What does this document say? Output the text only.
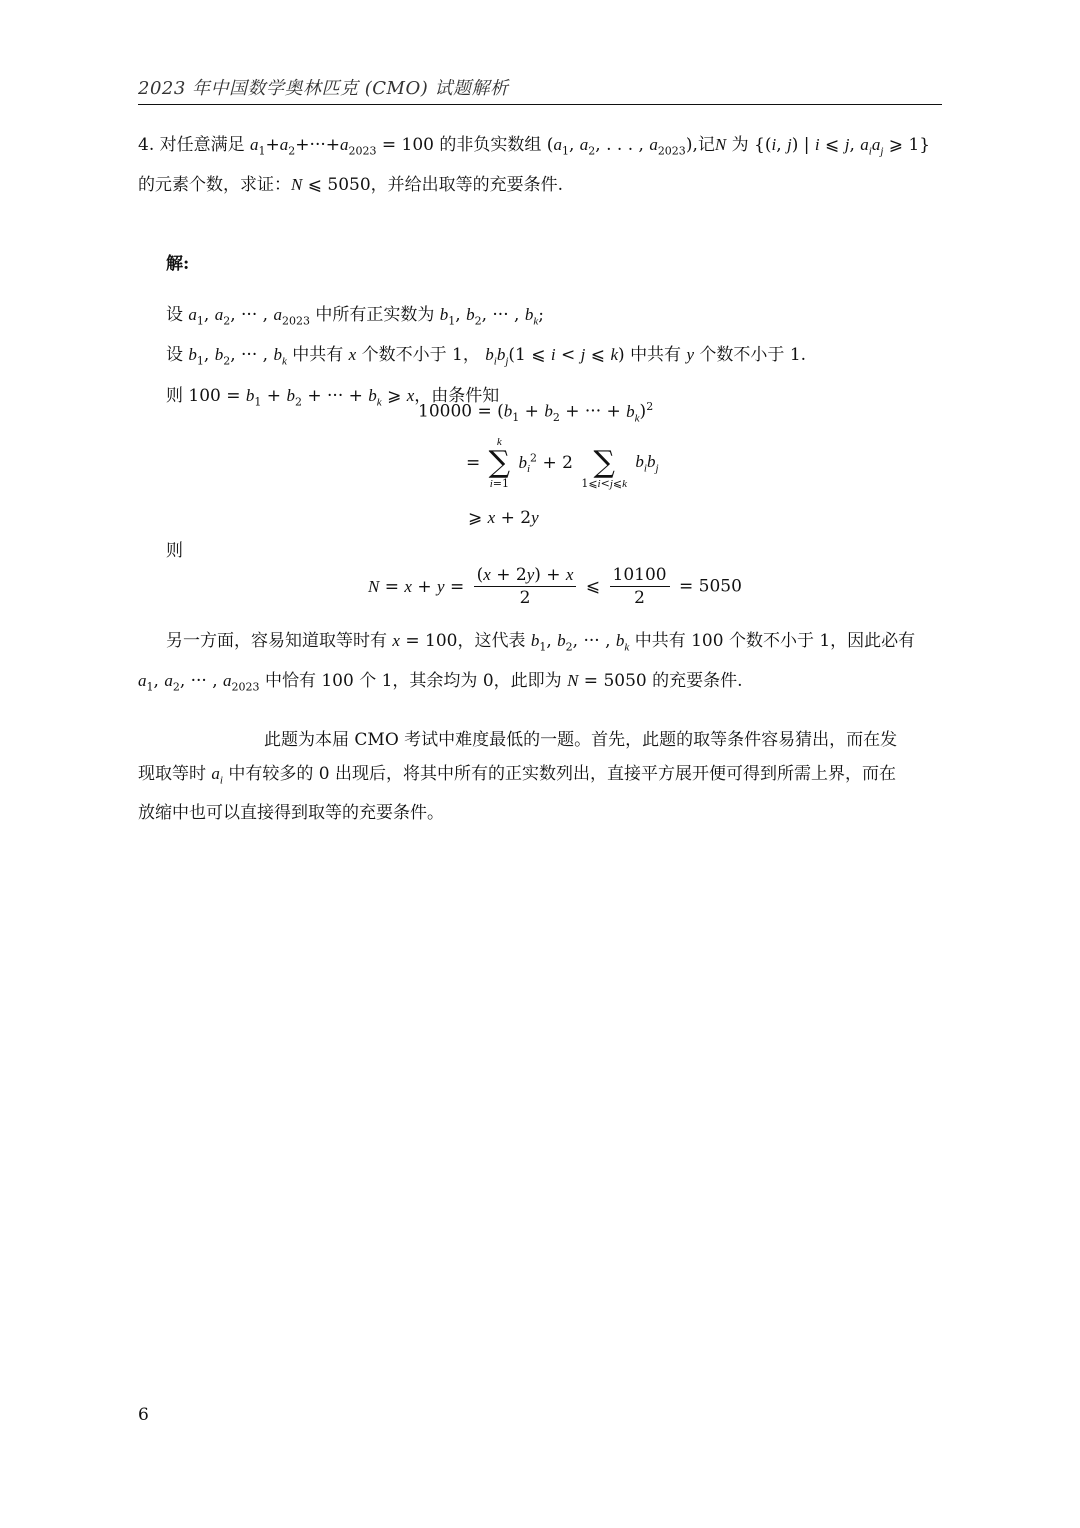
2023 年中国数学奥林匹克 (CMO) 试题解析
4. 对任意满足 $a_1+a_2+\cdot\cdot\cdot+a_{2023} = 100$ 的非负实数组 ($a_1$, $a_2$, . . . , $a_{2023}$),记N 为 {(i, j) | i ⩽ j, $a_ia_j$ ⩾ 1}
的元素个数，求证：N ⩽ 5050，并给出取等的充要条件.
解:
设 $a_1$, $a_2$, ··· , $a_{2023}$ 中所有正实数为 $b_1$, $b_2$, ··· , $b_k$;
设 $b_1$, $b_2$, ··· , $b_k$ 中共有 x 个数不小于 1， $b_ib_j(1$ ⩽ i < j ⩽ k) 中共有 y 个数不小于 1.
则 $100 = b_1 + b_2$ + ··· + $b_k$ ⩾ x，由条件知
$10000 = (b_1 + b_2$ + ··· + $b_k)^2$
= k
∑
i=1 $b_i^2 + 2$ ∑
1⩽i<j⩽k $b_ib_j$
⩾ x + 2y
则
$N = x + y = \frac{(x + 2y) + x}{2}$ ⩽ $\frac{10100}{2} = 5050$
另一方面，容易知道取等时有 x = 100，这代表 $b_1$, $b_2$, ··· , $b_k$ 中共有 100 个数不小于 1，因此必有
$a_1$, $a_2$, ··· , $a_{2023}$ 中恰有 100 个 1，其余均为 0，此即为 N = 5050 的充要条件.
此题为本届 CMO 考试中难度最低的一题。首先，此题的取等条件容易猜出，而在发
现取等时 $a_i$ 中有较多的 0 出现后，将其中所有的正实数列出，直接平方展开便可得到所需上界，而在
放缩中也可以直接得到取等的充要条件。
6
